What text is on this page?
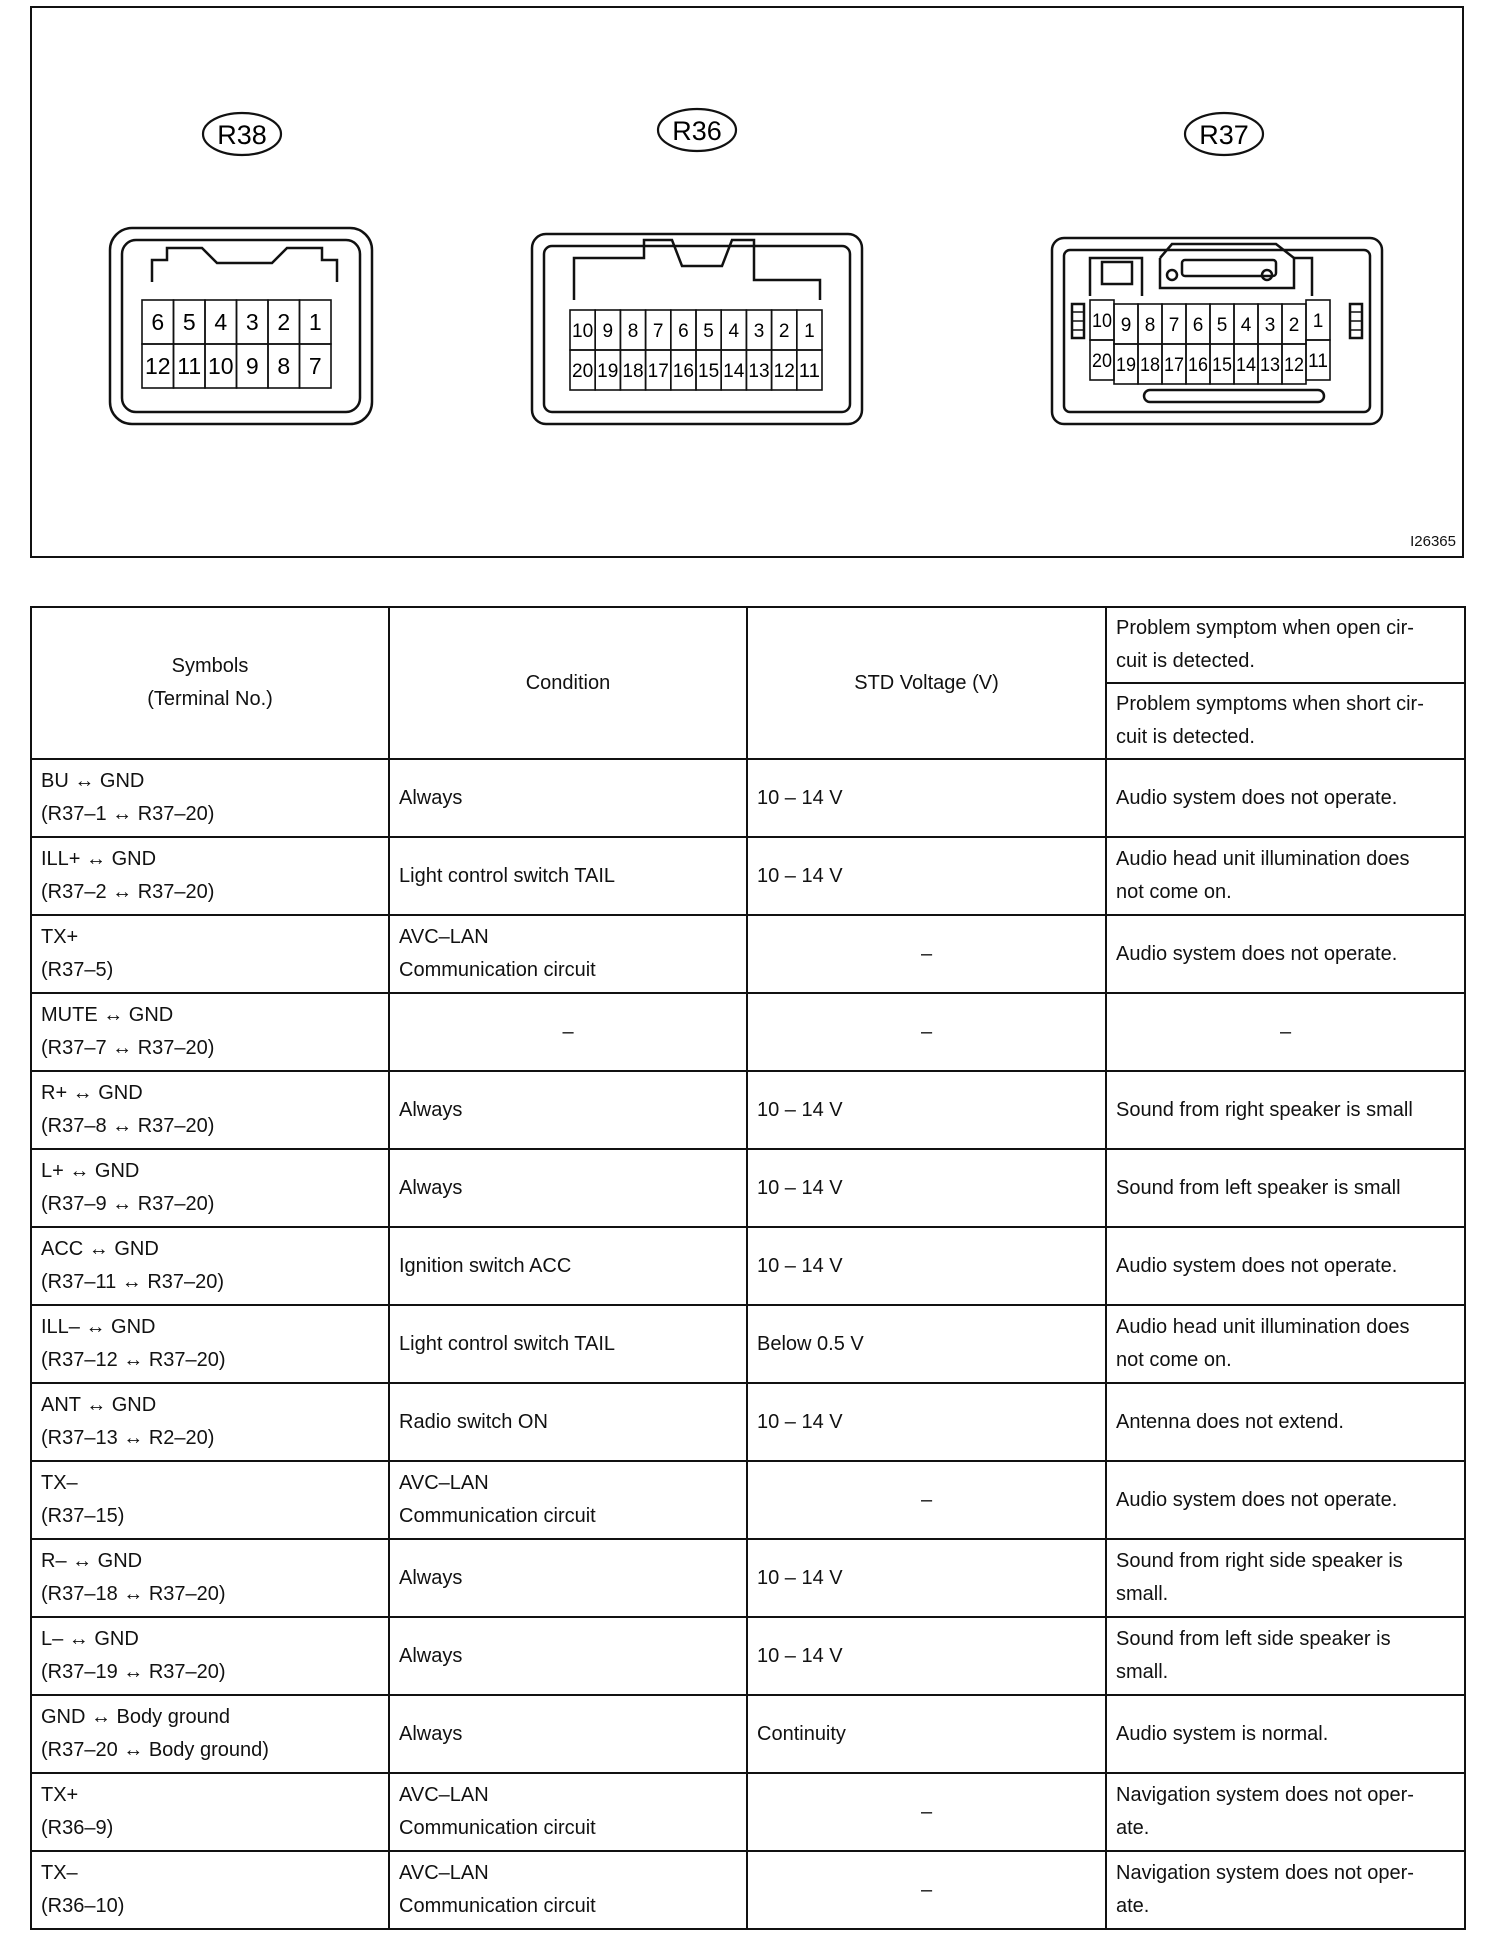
R38	R36	R37
6 5 4 3 2 1
12 11 10 9 8 7
10 9 8 7 6 5 4 3 2 1
20 19 18 17 16 15 14 13 12 11
10 9 8 7 6 5 4 3 2 1
20 19 18 17 16 15 14 13 12 11
I26365
Symbols
(Terminal No.)	Condition	STD Voltage (V)	Problem symptom when open cir-
cuit is detected.

			Problem symptoms when short cir-
cuit is detected.

BU ↔ GND
(R37–1 ↔ R37–20)	Always	10 – 14 V	Audio system does not operate.

ILL+ ↔ GND
(R37–2 ↔ R37–20)	Light control switch TAIL	10 – 14 V	Audio head unit illumination does
not come on.

TX+
(R37–5)	AVC–LAN
Communication circuit	–	Audio system does not operate.

MUTE ↔ GND
(R37–7 ↔ R37–20)	–	–	–

R+ ↔ GND
(R37–8 ↔ R37–20)	Always	10 – 14 V	Sound from right speaker is small

L+ ↔ GND
(R37–9 ↔ R37–20)	Always	10 – 14 V	Sound from left speaker is small

ACC ↔ GND
(R37–11 ↔ R37–20)	Ignition switch ACC	10 – 14 V	Audio system does not operate.

ILL– ↔ GND
(R37–12 ↔ R37–20)	Light control switch TAIL	Below 0.5 V	Audio head unit illumination does
not come on.

ANT ↔ GND
(R37–13 ↔ R2–20)	Radio switch ON	10 – 14 V	Antenna does not extend.

TX–
(R37–15)	AVC–LAN
Communication circuit	–	Audio system does not operate.

R– ↔ GND
(R37–18 ↔ R37–20)	Always	10 – 14 V	Sound from right side speaker is
small.

L– ↔ GND
(R37–19 ↔ R37–20)	Always	10 – 14 V	Sound from left side speaker is
small.

GND ↔ Body ground
(R37–20 ↔ Body ground)	Always	Continuity	Audio system is normal.

TX+
(R36–9)	AVC–LAN
Communication circuit	–	Navigation system does not oper-
ate.

TX–
(R36–10)	AVC–LAN
Communication circuit	–	Navigation system does not oper-
ate.
